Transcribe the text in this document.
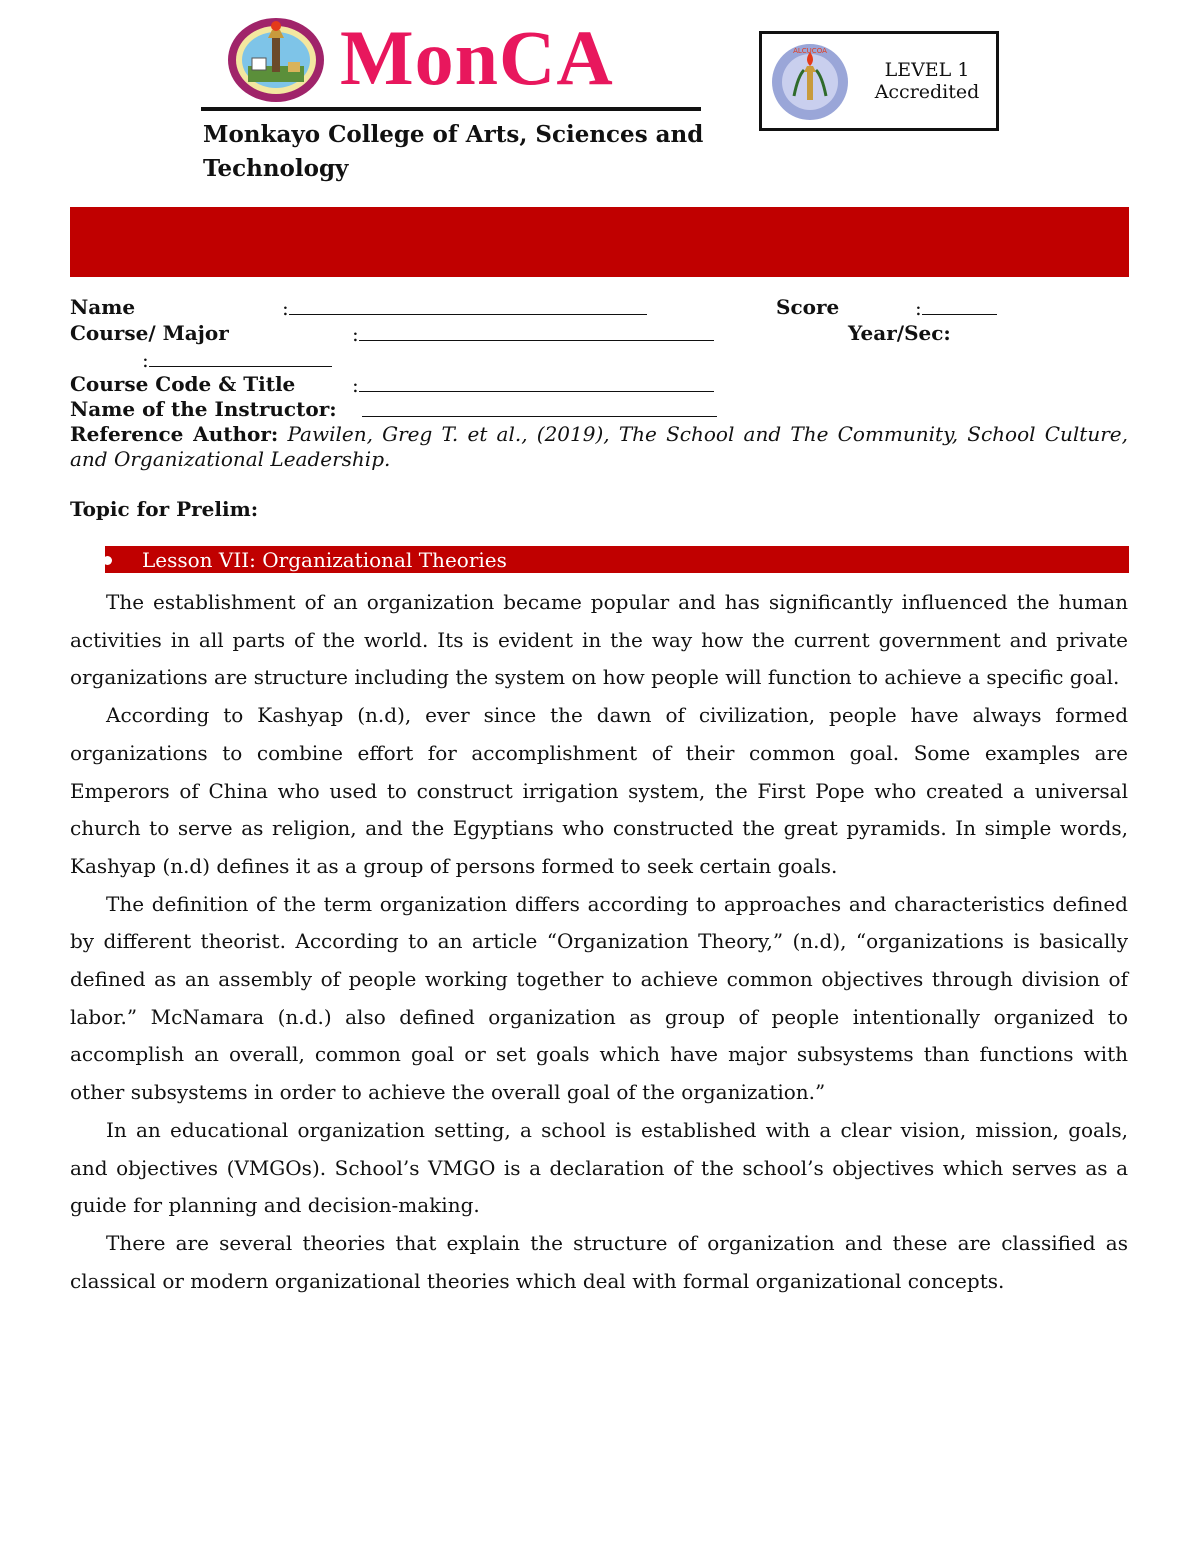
MonCA
Monkayo College of Arts, Sciences and Technology
ALCUCOA
LEVEL 1
Accredited
MODIFIED COURSEWORK
Name	:	Score	:
Course/ Major	:	Year/Sec:
:
Course Code & Title	:
Name of the Instructor:
Reference Author: Pawilen, Greg T. et al., (2019), The School and The Community, School Culture, and Organizational Leadership.
Topic for Prelim:
Lesson VII: Organizational Theories

The establishment of an organization became popular and has significantly influenced the human activities in all parts of the world. Its is evident in the way how the current government and private organizations are structure including the system on how people will function to achieve a specific goal.

According to Kashyap (n.d), ever since the dawn of civilization, people have always formed organizations to combine effort for accomplishment of their common goal. Some examples are Emperors of China who used to construct irrigation system, the First Pope who created a universal church to serve as religion, and the Egyptians who constructed the great pyramids. In simple words, Kashyap (n.d) defines it as a group of persons formed to seek certain goals.

The definition of the term organization differs according to approaches and characteristics defined by different theorist. According to an article “Organization Theory,” (n.d), “organizations is basically defined as an assembly of people working together to achieve common objectives through division of labor.” McNamara (n.d.) also defined organization as group of people intentionally organized to accomplish an overall, common goal or set goals which have major subsystems than functions with other subsystems in order to achieve the overall goal of the organization.”

In an educational organization setting, a school is established with a clear vision, mission, goals, and objectives (VMGOs). School’s VMGO is a declaration of the school’s objectives which serves as a guide for planning and decision-making.

There are several theories that explain the structure of organization and these are classified as classical or modern organizational theories which deal with formal organizational concepts.
